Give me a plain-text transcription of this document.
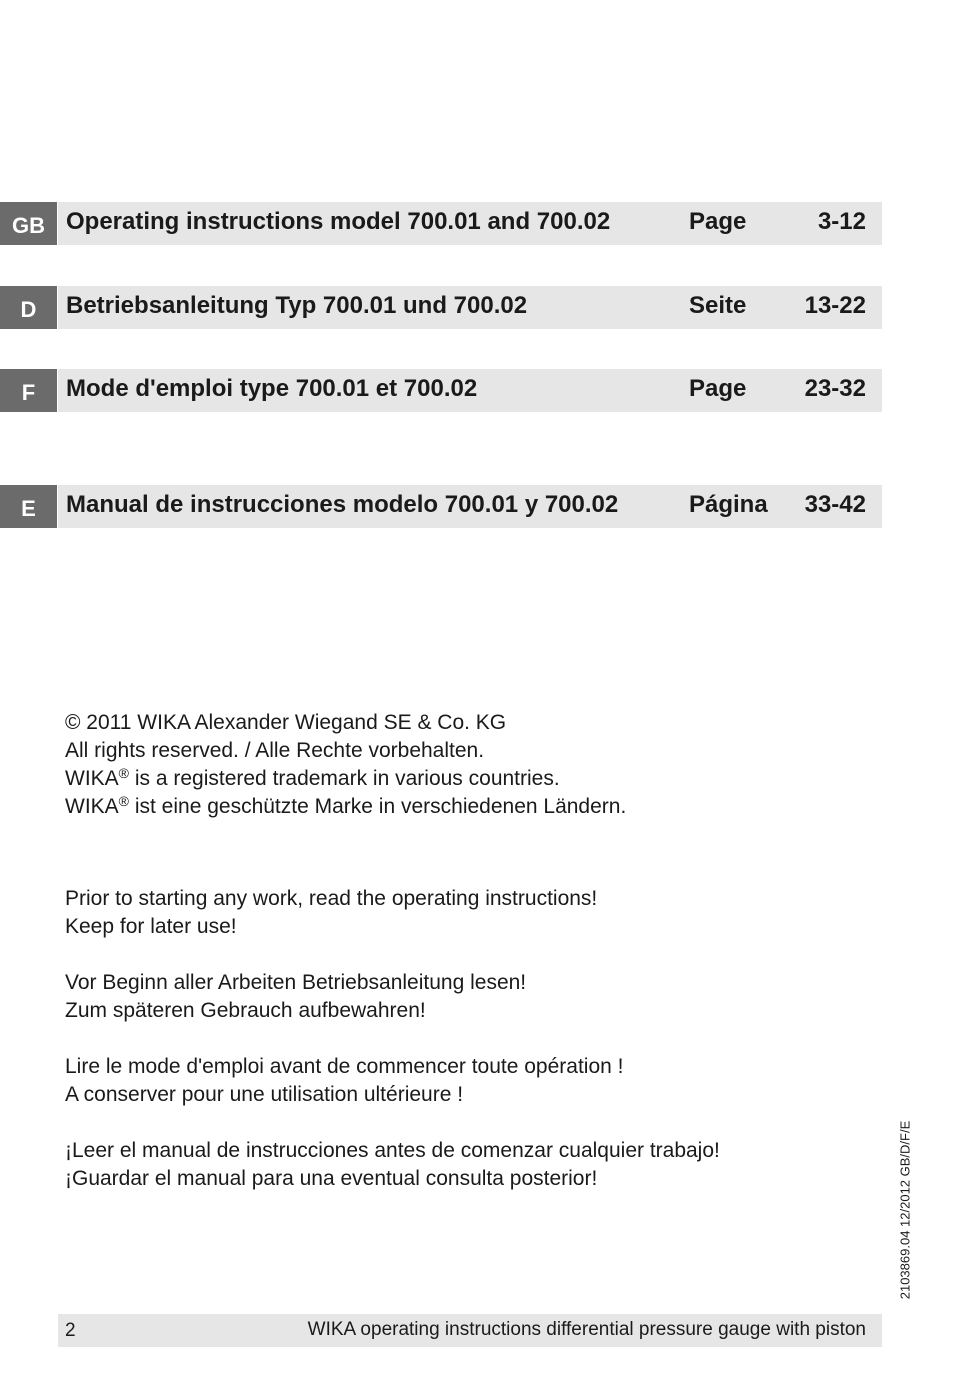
GB Operating instructions model 700.01 and 700.02	Page	3-12
D	Betriebsanleitung Typ 700.01 und 700.02	Seite 13-22
F	Mode d'emploi type 700.01 et 700.02	Page 23-32
E	Manual de instrucciones modelo 700.01 y 700.02	Página 33-42

© 2011 WIKA Alexander Wiegand SE & Co. KG

All rights reserved. / Alle Rechte vorbehalten.

WIKA® is a registered trademark in various countries.

WIKA® ist eine geschützte Marke in verschiedenen Ländern.

Prior to starting any work, read the operating instructions!

Keep for later use!

Vor Beginn aller Arbeiten Betriebsanleitung lesen!

Zum späteren Gebrauch aufbewahren!

Lire le mode d'emploi avant de commencer toute opération !

A conserver pour une utilisation ultérieure !

¡Leer el manual de instrucciones antes de comenzar cualquier trabajo!

¡Guardar el manual para una eventual consulta posterior!	2103869.04 12/2012 GB/D/F/E
2	WIKA operating instructions differential pressure gauge with piston
